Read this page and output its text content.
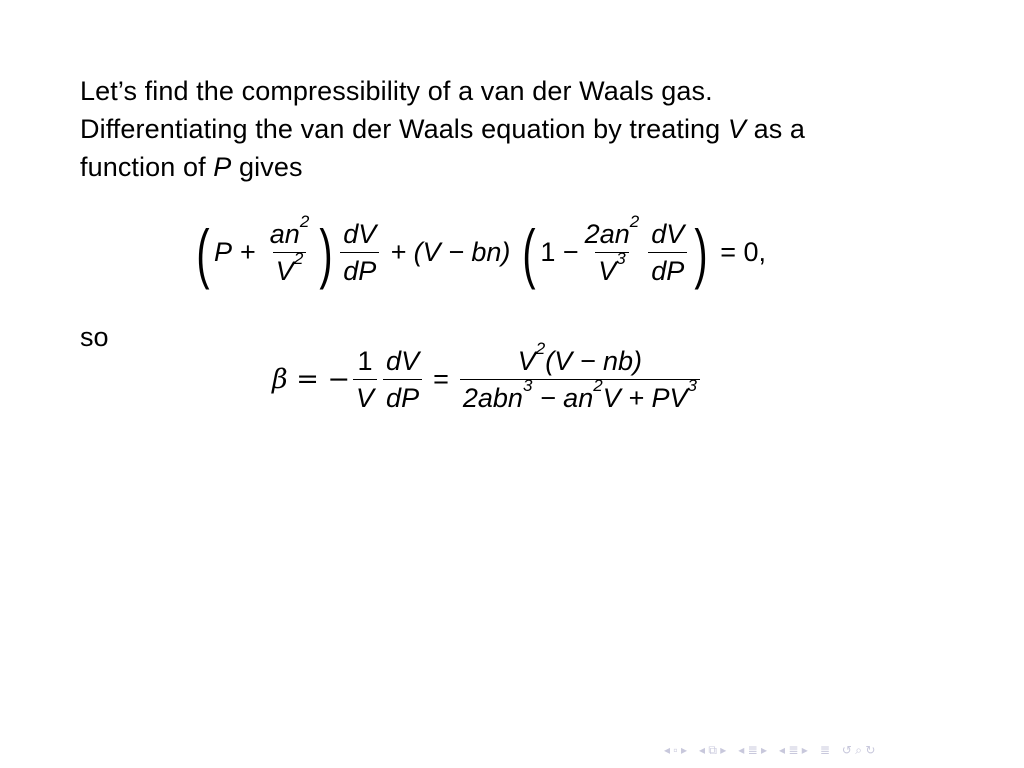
Let’s find the compressibility of a van der Waals gas.

Differentiating the van der Waals equation by treating V as a

function of P gives

( $P + \frac{an^2}{V^2}$ ) $\frac{dV}{dP} + (V - bn)$ ( $1 - \frac{2an^2}{V^3} \frac{dV}{dP}$ ) = 0,
so
β = − $\frac{1}{V} \frac{dV}{dP} = \frac{V^2(V - nb)}{2abn^3 - an^2V + PV^3}$
◂ ▫ ▸ ◂ ⧉ ▸ ◂ ≣ ▸ ◂ ≣ ▸ ≣ ↺ ⌕ ↻
